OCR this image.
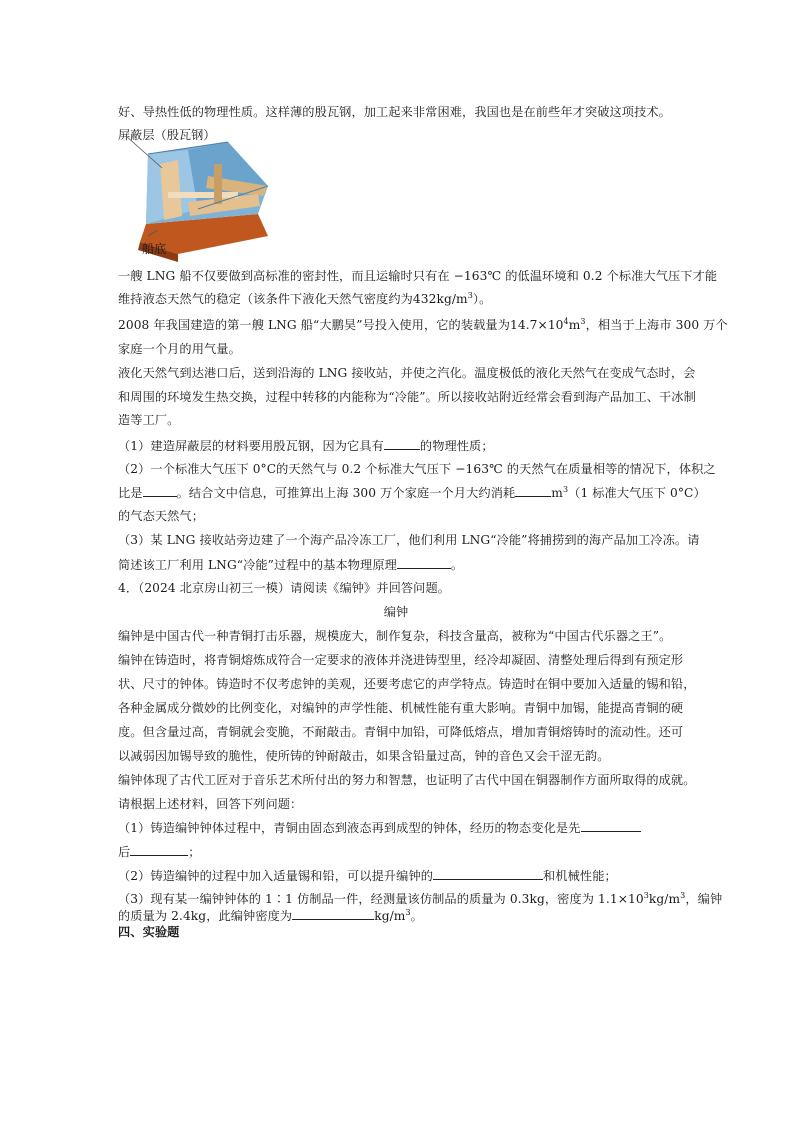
好、导热性低的物理性质。这样薄的殷瓦钢，加工起来非常困难，我国也是在前些年才突破这项技术。
屏蔽层（殷瓦钢）
船底
一艘 LNG 船不仅要做到高标准的密封性，而且运输时只有在 −163℃ 的低温环境和 0.2 个标准大气压下才能
维持液态天然气的稳定（该条件下液化天然气密度约为$432kg/m^3$）。
2008 年我国建造的第一艘 LNG 船“大鹏昊”号投入使用，它的装载量为$14.7\times 10^4m^3$，相当于上海市 300 万个
家庭一个月的用气量。
液化天然气到达港口后，送到沿海的 LNG 接收站，并使之汽化。温度极低的液化天然气在变成气态时，会
和周围的环境发生热交换，过程中转移的内能称为“冷能”。所以接收站附近经常会看到海产品加工、干冰制
造等工厂。
（1）建造屏蔽层的材料要用殷瓦钢，因为它具有	的物理性质；
（2）一个标准大气压下 0°C的天然气与 0.2 个标准大气压下 −163℃ 的天然气在质量相等的情况下，体积之
比是	。结合文中信息，可推算出上海 300 万个家庭一个月大约消耗	$m^3(1$ 标准大气压下 0°C）
的气态天然气；
（3）某 LNG 接收站旁边建了一个海产品冷冻工厂，他们利用 LNG“冷能”将捕捞到的海产品加工冷冻。请
简述该工厂利用 LNG“冷能”过程中的基本物理原理	。
4．（2024 北京房山初三一模）请阅读《编钟》并回答问题。
编钟
编钟是中国古代一种青铜打击乐器，规模庞大，制作复杂，科技含量高，被称为“中国古代乐器之王”。
编钟在铸造时，将青铜熔炼成符合一定要求的液体并浇进铸型里，经冷却凝固、清整处理后得到有预定形
状、尺寸的钟体。铸造时不仅考虑钟的美观，还要考虑它的声学特点。铸造时在铜中要加入适量的锡和铅，
各种金属成分微妙的比例变化，对编钟的声学性能、机械性能有重大影响。青铜中加锡，能提高青铜的硬
度。但含量过高，青铜就会变脆，不耐敲击。青铜中加铅，可降低熔点，增加青铜熔铸时的流动性。还可
以减弱因加锡导致的脆性，使所铸的钟耐敲击，如果含铅量过高，钟的音色又会干涩无韵。
编钟体现了古代工匠对于音乐艺术所付出的努力和智慧，也证明了古代中国在铜器制作方面所取得的成就。
请根据上述材料，回答下列问题：
（1）铸造编钟钟体过程中，青铜由固态到液态再到成型的钟体，经历的物态变化是先
后	；
（2）铸造编钟的过程中加入适量锡和铅，可以提升编钟的	和机械性能；
（3）现有某一编钟钟体的 1∶1 仿制品一件，经测量该仿制品的质量为 0.3kg，密度为 $1.1\times 10^3kg/m^3$，编钟
的质量为 2.4kg，此编钟密度为	$kg/m^3$。
四、实验题
